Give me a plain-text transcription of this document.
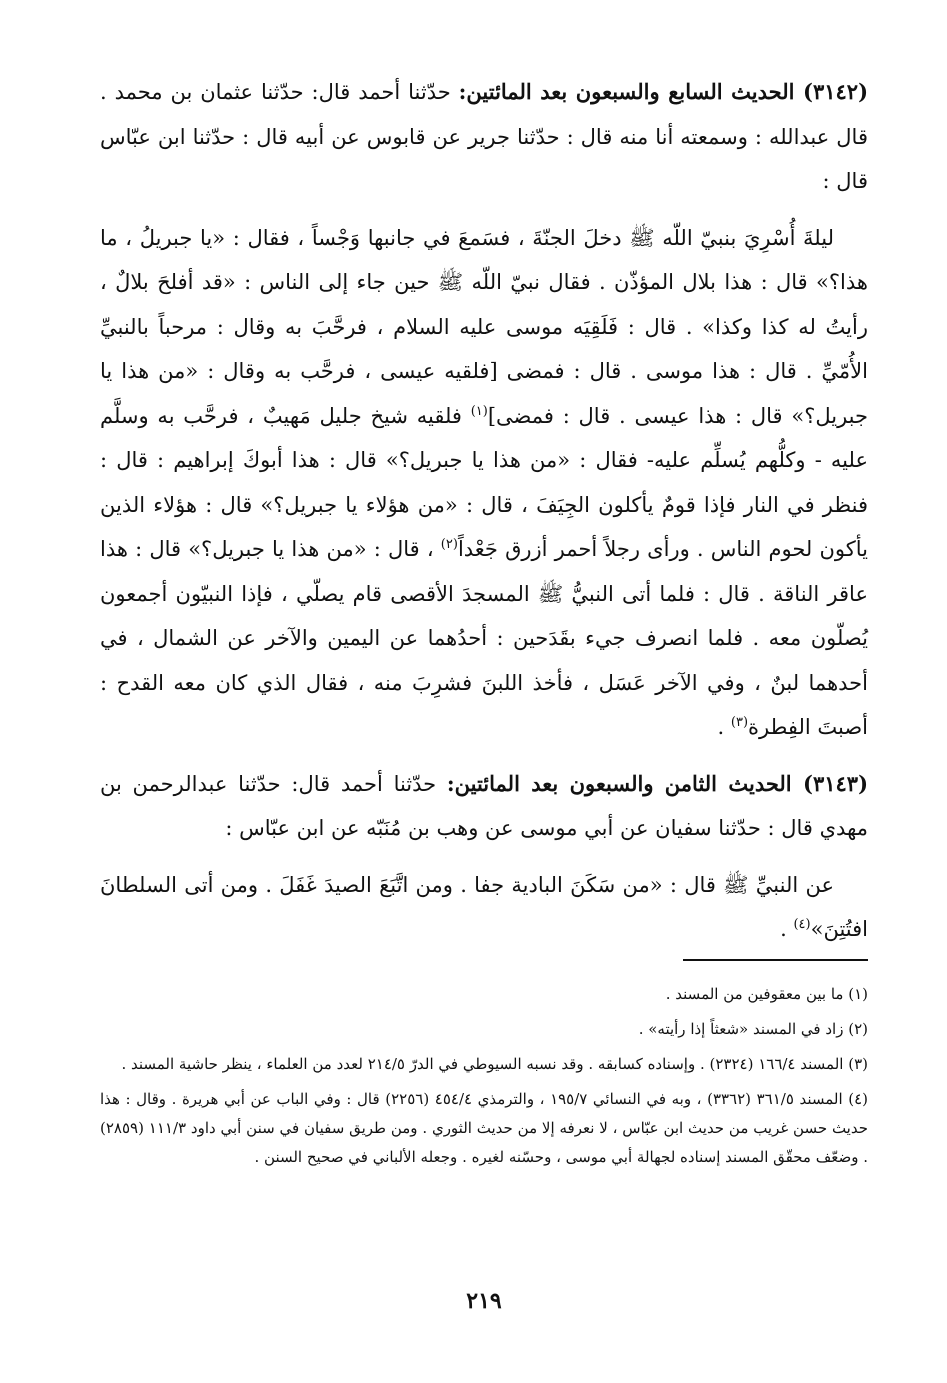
(٣١٤٢) الحديث السابع والسبعون بعد المائتين: حدّثنا أحمد قال: حدّثنا عثمان بن محمد . قال عبدالله : وسمعته أنا منه قال : حدّثنا جرير عن قابوس عن أبيه قال : حدّثنا ابن عبّاس قال :

ليلةَ أُسْرِيَ بنبيّ اللّه ﷺ دخلَ الجنّةَ ، فسَمعَ في جانبها وَجْساً ، فقال : «يا جبريلُ ، ما هذا؟» قال : هذا بلال المؤذّن . فقال نبيّ اللّه ﷺ حين جاء إلى الناس : «قد أفلحَ بلالٌ ، رأيتُ له كذا وكذا» . قال : فَلَقِيَه موسى عليه السلام ، فرحَّبَ به وقال : مرحباً بالنبيِّ الأُمّيِّ . قال : هذا موسى . قال : فمضى [فلقيه عيسى ، فرحَّب به وقال : «من هذا يا جبريل؟» قال : هذا عيسى . قال : فمضى]$^{(١)}$ فلقيه شيخ جليل مَهيبٌ ، فرحَّب به وسلَّم عليه - وكلُّهم يُسلِّم عليه- فقال : «من هذا يا جبريل؟» قال : هذا أبوكَ إبراهيم : قال : فنظر في النار فإذا قومٌ يأكلون الجِيَفَ ، قال : «من هؤلاء يا جبريل؟» قال : هؤلاء الذين يأكون لحوم الناس . ورأى رجلاً أحمر أزرق جَعْداً$^{(٢)}$ ، قال : «من هذا يا جبريل؟» قال : هذا عاقر الناقة . قال : فلما أتى النبيُّ ﷺ المسجدَ الأقصى قام يصلّي ، فإذا النبيّون أجمعون يُصلّون معه . فلما انصرف جيء بقَدَحين : أحدُهما عن اليمين والآخر عن الشمال ، في أحدهما لبنٌ ، وفي الآخر عَسَل ، فأخذ اللبنَ فشرِبَ منه ، فقال الذي كان معه القدح : أصبتَ الفِطرة$^{(٣)}$ .

(٣١٤٣) الحديث الثامن والسبعون بعد المائتين: حدّثنا أحمد قال: حدّثنا عبدالرحمن بن مهدي قال : حدّثنا سفيان عن أبي موسى عن وهب بن مُنَبّه عن ابن عبّاس :

عن النبيِّ ﷺ قال : «من سَكَنَ البادية جفا . ومن اتَّبَعَ الصيدَ غَفَلَ . ومن أتى السلطانَ افتُتِنَ»$^{(٤)}$ .

(١) ما بين معقوفين من المسند .

(٢) زاد في المسند «شعثاً إذا رأيته» .

(٣) المسند ١٦٦/٤ (٢٣٢٤) . وإسناده كسابقه . وقد نسبه السيوطي في الدرّ ٢١٤/٥ لعدد من العلماء ، ينظر حاشية المسند .

(٤) المسند ٣٦١/٥ (٣٣٦٢) ، وبه في النسائي ١٩٥/٧ ، والترمذي ٤٥٤/٤ (٢٢٥٦) قال : وفي الباب عن أبي هريرة . وقال : هذا حديث حسن غريب من حديث ابن عبّاس ، لا نعرفه إلا من حديث الثوري . ومن طريق سفيان في سنن أبي داود ١١١/٣ (٢٨٥٩) . وضعّف محقّق المسند إسناده لجهالة أبي موسى ، وحسّنه لغيره . وجعله الألباني في صحيح السنن .

٢١٩
